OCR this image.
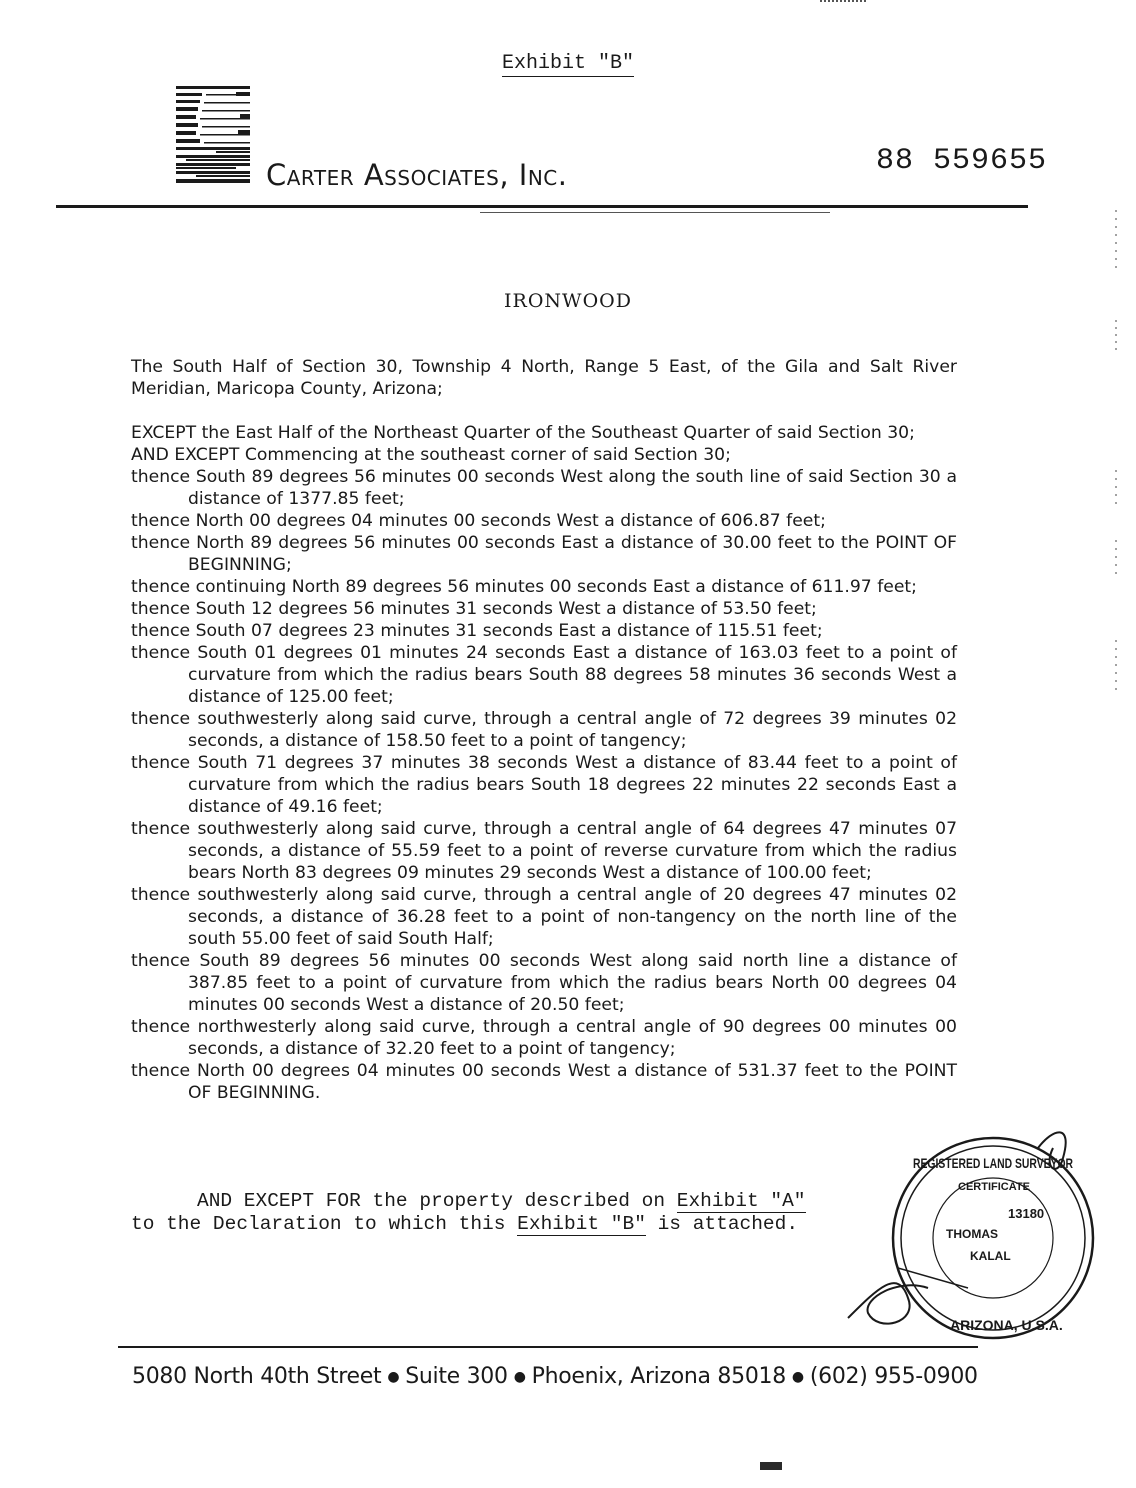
Exhibit "B"
Carter Associates, Inc.	88 559655
IRONWOOD

The South Half of Section 30, Township 4 North, Range 5 East, of the Gila and Salt River Meridian, Maricopa County, Arizona;

EXCEPT the East Half of the Northeast Quarter of the Southeast Quarter of said Section 30;

AND EXCEPT Commencing at the southeast corner of said Section 30;

thence South 89 degrees 56 minutes 00 seconds West along the south line of said Section 30 a distance of 1377.85 feet;

thence North 00 degrees 04 minutes 00 seconds West a distance of 606.87 feet;

thence North 89 degrees 56 minutes 00 seconds East a distance of 30.00 feet to the POINT OF BEGINNING;

thence continuing North 89 degrees 56 minutes 00 seconds East a distance of 611.97 feet;

thence South 12 degrees 56 minutes 31 seconds West a distance of 53.50 feet;

thence South 07 degrees 23 minutes 31 seconds East a distance of 115.51 feet;

thence South 01 degrees 01 minutes 24 seconds East a distance of 163.03 feet to a point of curvature from which the radius bears South 88 degrees 58 minutes 36 seconds West a distance of 125.00 feet;

thence southwesterly along said curve, through a central angle of 72 degrees 39 minutes 02 seconds, a distance of 158.50 feet to a point of tangency;

thence South 71 degrees 37 minutes 38 seconds West a distance of 83.44 feet to a point of curvature from which the radius bears South 18 degrees 22 minutes 22 seconds East a distance of 49.16 feet;

thence southwesterly along said curve, through a central angle of 64 degrees 47 minutes 07 seconds, a distance of 55.59 feet to a point of reverse curvature from which the radius bears North 83 degrees 09 minutes 29 seconds West a distance of 100.00 feet;

thence southwesterly along said curve, through a central angle of 20 degrees 47 minutes 02 seconds, a distance of 36.28 feet to a point of non-tangency on the north line of the south 55.00 feet of said South Half;

thence South 89 degrees 56 minutes 00 seconds West along said north line a distance of 387.85 feet to a point of curvature from which the radius bears North 00 degrees 04 minutes 00 seconds West a distance of 20.50 feet;

thence northwesterly along said curve, through a central angle of 90 degrees 00 minutes 00 seconds, a distance of 32.20 feet to a point of tangency;

thence North 00 degrees 04 minutes 00 seconds West a distance of 531.37 feet to the POINT OF BEGINNING.

AND EXCEPT FOR the property described on Exhibit "A"
to the Declaration to which this Exhibit "B" is attached.
REGISTERED LAND SURVEYOR
CERTIFICATE
13180
THOMAS
KALAL
ARIZONA, U.S.A.
5080 North 40th Street ● Suite 300 ● Phoenix, Arizona 85018 ● (602) 955-0900
